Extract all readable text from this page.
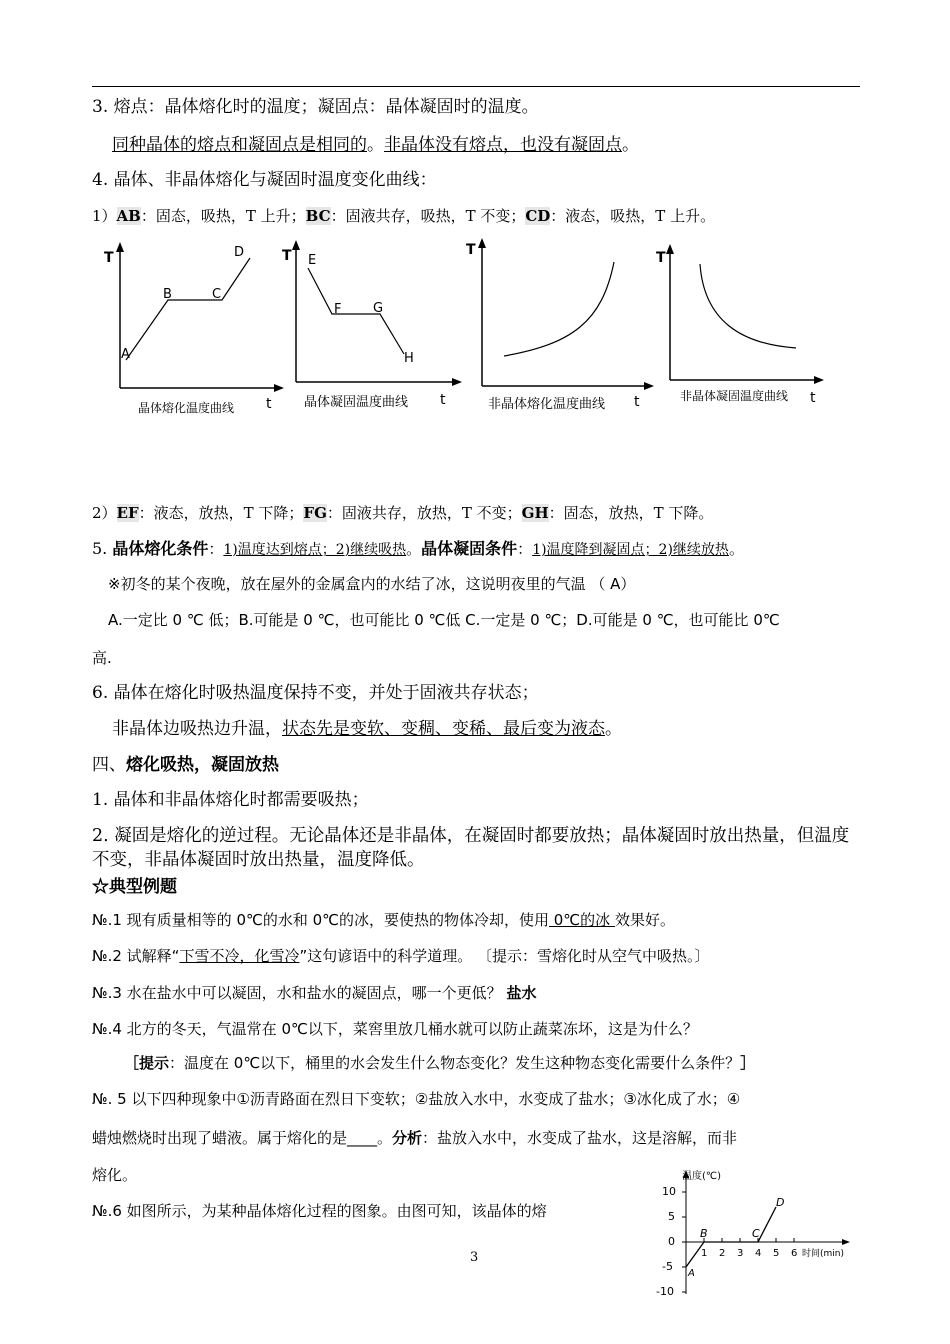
3. 熔点：晶体熔化时的温度；凝固点：晶体凝固时的温度。
同种晶体的熔点和凝固点是相同的。非晶体没有熔点，也没有凝固点。
4. 晶体、非晶体熔化与凝固时温度变化曲线：
1）AB：固态，吸热，T 上升；BC：固液共存，吸热，T 不变；CD：液态，吸热，T 上升。
T
A
B	C
D
晶体熔化温度曲线 t
T E
F G
H
晶体凝固温度曲线 t
T
非晶体熔化温度曲线 t
T
非晶体凝固温度曲线 t
2）EF：液态，放热，T 下降；FG：固液共存，放热，T 不变；GH：固态，放热，T 下降。
5. 晶体熔化条件：1)温度达到熔点；2)继续吸热。晶体凝固条件：1)温度降到凝固点；2)继续放热。
※初冬的某个夜晚，放在屋外的金属盒内的水结了冰，这说明夜里的气温 （ A）
A.一定比 0 ℃ 低；B.可能是 0 ℃，也可能比 0 ℃低 C.一定是 0 ℃；D.可能是 0 ℃，也可能比 0℃
高.
6. 晶体在熔化时吸热温度保持不变，并处于固液共存状态；
非晶体边吸热边升温，状态先是变软、变稠、变稀、最后变为液态。
四、熔化吸热，凝固放热
1. 晶体和非晶体熔化时都需要吸热；
2. 凝固是熔化的逆过程。无论晶体还是非晶体，在凝固时都要放热；晶体凝固时放出热量，但温度不变，非晶体凝固时放出热量，温度降低。
☆典型例题
№.1 现有质量相等的 0℃的水和 0℃的冰，要使热的物体冷却，使用 0℃的冰 效果好。
№.2 试解释“下雪不冷，化雪冷”这句谚语中的科学道理。 〔提示：雪熔化时从空气中吸热。〕
№.3 水在盐水中可以凝固，水和盐水的凝固点，哪一个更低？ 盐水
№.4 北方的冬天，气温常在 0℃以下，菜窖里放几桶水就可以防止蔬菜冻坏，这是为什么？
［提示：温度在 0℃以下，桶里的水会发生什么物态变化？发生这种物态变化需要什么条件？］
№. 5 以下四种现象中①沥青路面在烈日下变软；②盐放入水中，水变成了盐水；③冰化成了水；④
蜡烛燃烧时出现了蜡液。属于熔化的是____。分析：盐放入水中，水变成了盐水，这是溶解，而非
熔化。
№.6 如图所示，为某种晶体熔化过程的图象。由图可知，该晶体的熔
温度(℃)
10
5
0
-5
-10
1 2 3 4 5 6 时间(min)
A
B	C
D
3
